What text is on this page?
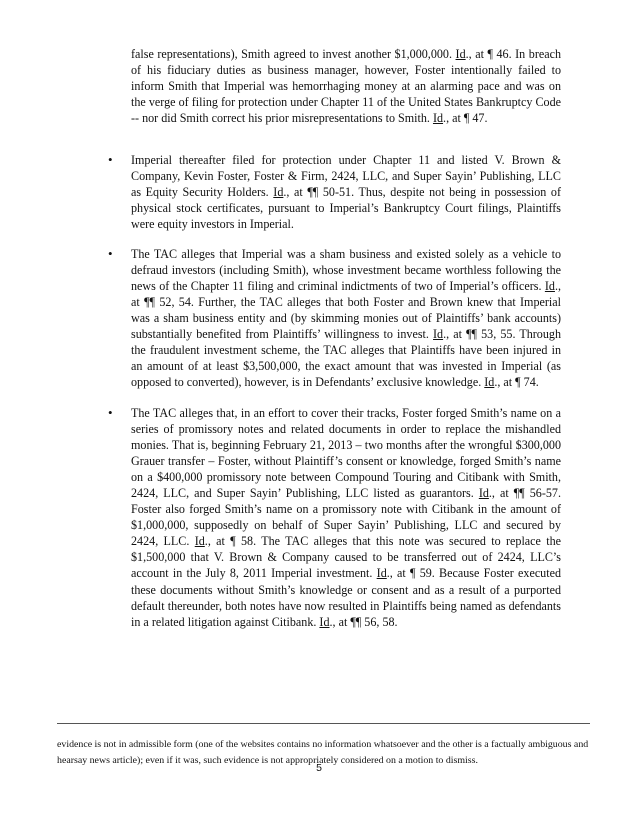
false representations), Smith agreed to invest another $1,000,000. Id., at ¶ 46. In breach of his fiduciary duties as business manager, however, Foster intentionally failed to inform Smith that Imperial was hemorrhaging money at an alarming pace and was on the verge of filing for protection under Chapter 11 of the United States Bankruptcy Code -- nor did Smith correct his prior misrepresentations to Smith. Id., at ¶ 47.
• Imperial thereafter filed for protection under Chapter 11 and listed V. Brown & Company, Kevin Foster, Foster & Firm, 2424, LLC, and Super Sayin’ Publishing, LLC as Equity Security Holders. Id., at ¶¶ 50-51. Thus, despite not being in possession of physical stock certificates, pursuant to Imperial’s Bankruptcy Court filings, Plaintiffs were equity investors in Imperial.
• The TAC alleges that Imperial was a sham business and existed solely as a vehicle to defraud investors (including Smith), whose investment became worthless following the news of the Chapter 11 filing and criminal indictments of two of Imperial’s officers. Id., at ¶¶ 52, 54. Further, the TAC alleges that both Foster and Brown knew that Imperial was a sham business entity and (by skimming monies out of Plaintiffs’ bank accounts) substantially benefited from Plaintiffs’ willingness to invest. Id., at ¶¶ 53, 55. Through the fraudulent investment scheme, the TAC alleges that Plaintiffs have been injured in an amount of at least $3,500,000, the exact amount that was invested in Imperial (as opposed to converted), however, is in Defendants’ exclusive knowledge. Id., at ¶ 74.
• The TAC alleges that, in an effort to cover their tracks, Foster forged Smith’s name on a series of promissory notes and related documents in order to replace the mishandled monies. That is, beginning February 21, 2013 – two months after the wrongful $300,000 Grauer transfer – Foster, without Plaintiff’s consent or knowledge, forged Smith’s name on a $400,000 promissory note between Compound Touring and Citibank with Smith, 2424, LLC, and Super Sayin’ Publishing, LLC listed as guarantors. Id., at ¶¶ 56-57. Foster also forged Smith’s name on a promissory note with Citibank in the amount of $1,000,000, supposedly on behalf of Super Sayin’ Publishing, LLC and secured by 2424, LLC. Id., at ¶ 58. The TAC alleges that this note was secured to replace the $1,500,000 that V. Brown & Company caused to be transferred out of 2424, LLC’s account in the July 8, 2011 Imperial investment. Id., at ¶ 59. Because Foster executed these documents without Smith’s knowledge or consent and as a result of a purported default thereunder, both notes have now resulted in Plaintiffs being named as defendants in a related litigation against Citibank. Id., at ¶¶ 56, 58.
evidence is not in admissible form (one of the websites contains no information whatsoever and the other is a factually ambiguous and hearsay news article); even if it was, such evidence is not appropriately considered on a motion to dismiss.
5
